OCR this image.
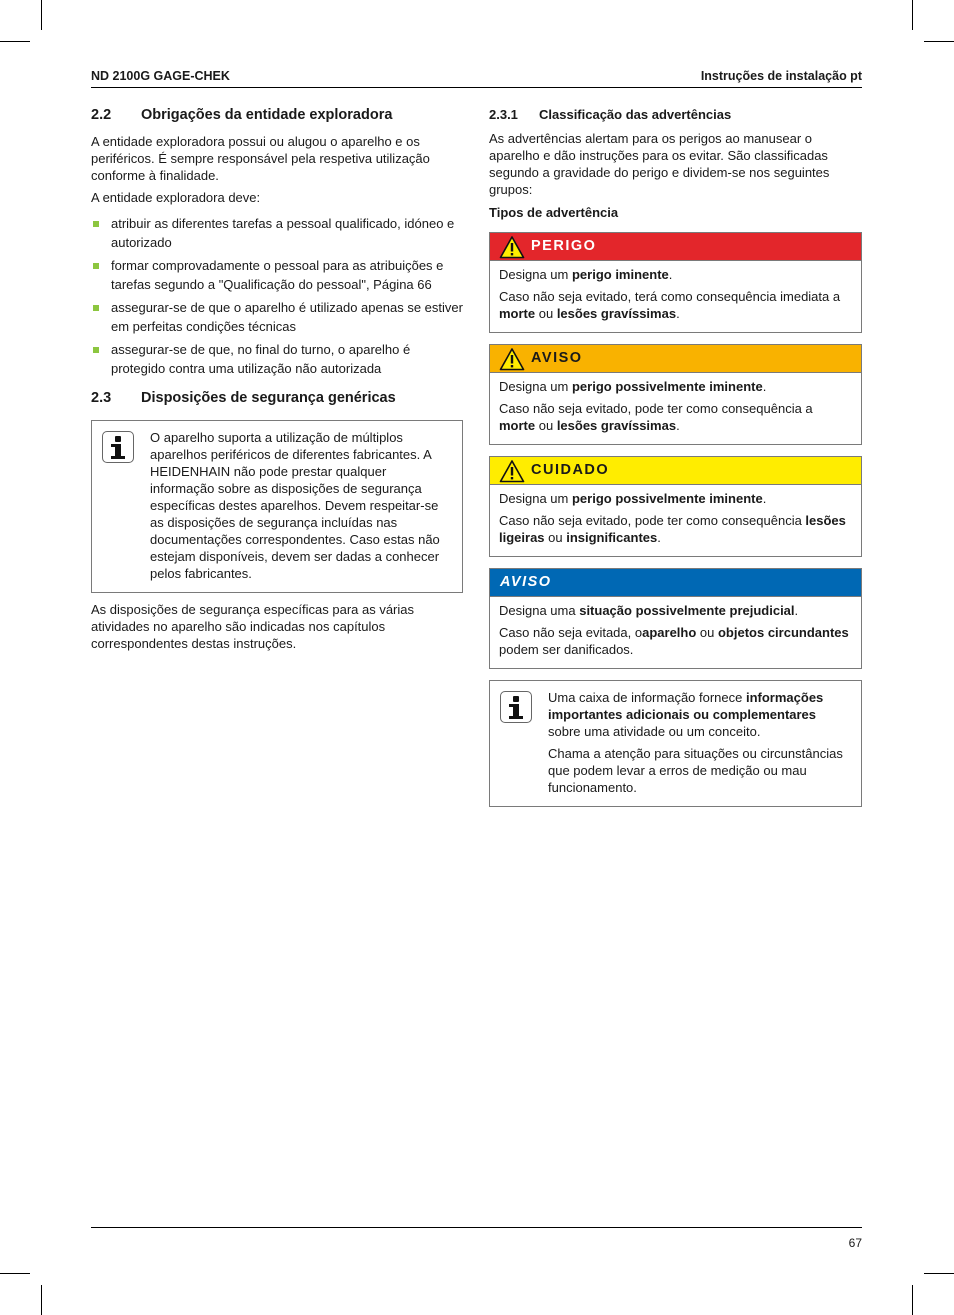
ND 2100G GAGE-CHEK	Instruções de instalação pt
2.2	Obrigações da entidade exploradora

A entidade exploradora possui ou alugou o aparelho e os periféricos. É sempre responsável pela respetiva utilização conforme à finalidade.

A entidade exploradora deve:

atribuir as diferentes tarefas a pessoal qualificado, idóneo e autorizado
formar comprovadamente o pessoal para as atribuições e tarefas segundo a "Qualificação do pessoal", Página 66
assegurar-se de que o aparelho é utilizado apenas se estiver em perfeitas condições técnicas
assegurar-se de que, no final do turno, o aparelho é protegido contra uma utilização não autorizada
2.3	Disposições de segurança genéricas

O aparelho suporta a utilização de múltiplos aparelhos periféricos de diferentes fabricantes. A HEIDENHAIN não pode prestar qualquer informação sobre as disposições de segurança específicas destes aparelhos. Devem respeitar-se as disposições de segurança incluídas nas documentações correspondentes. Caso estas não estejam disponíveis, devem ser dadas a conhecer pelos fabricantes.

As disposições de segurança específicas para as várias atividades no aparelho são indicadas nos capítulos correspondentes destas instruções.

2.3.1	Classificação das advertências

As advertências alertam para os perigos ao manusear o aparelho e dão instruções para os evitar. São classificadas segundo a gravidade do perigo e dividem-se nos seguintes grupos:

Tipos de advertência

PERIGO

Designa um perigo iminente.

Caso não seja evitado, terá como consequência imediata a morte ou lesões gravíssimas.

AVISO

Designa um perigo possivelmente iminente.

Caso não seja evitado, pode ter como consequência a morte ou lesões gravíssimas.

CUIDADO

Designa um perigo possivelmente iminente.

Caso não seja evitado, pode ter como consequência lesões ligeiras ou insignificantes.

AVISO

Designa uma situação possivelmente prejudicial.

Caso não seja evitada, oaparelho ou objetos circundantes podem ser danificados.

Uma caixa de informação fornece informações importantes adicionais ou complementares sobre uma atividade ou um conceito.

Chama a atenção para situações ou circunstâncias que podem levar a erros de medição ou mau funcionamento.

67
